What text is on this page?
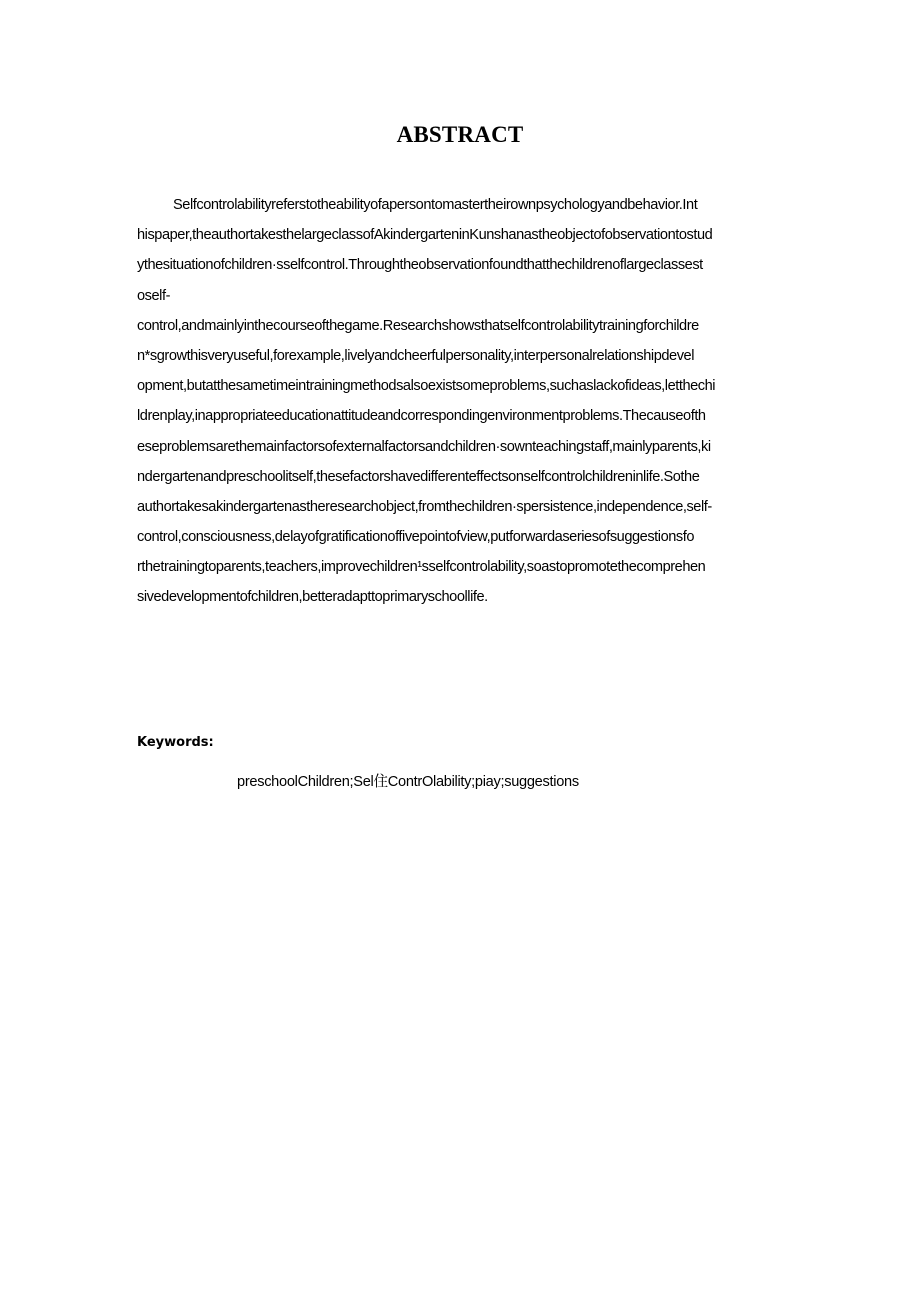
ABSTRACT
Selfcontrolabilityreferstotheabilityofapersontomastertheirownpsychologyandbehavior.Int
hispaper,theauthortakesthelargeclassofAkindergarteninKunshanastheobjectofobservationtostud
ythesituationofchildren·sselfcontrol.Throughtheobservationfoundthatthechildrenoflargeclassest
oself-
control,andmainlyinthecourseofthegame.Researchshowsthatselfcontrolabilitytrainingforchildre
n*sgrowthisveryuseful,forexample,livelyandcheerfulpersonality,interpersonalrelationshipdevel
opment,butatthesametimeintrainingmethodsalsoexistsomeproblems,suchaslackofideas,letthechi
ldrenplay,inappropriateeducationattitudeandcorrespondingenvironmentproblems.Thecauseofth
eseproblemsarethemainfactorsofexternalfactorsandchildren·sownteachingstaff,mainlyparents,ki
ndergartenandpreschoolitself,thesefactorshavedifferenteffectsonselfcontrolchildreninlife.Sothe
authortakesakindergartenastheresearchobject,fromthechildren·spersistence,independence,self-
control,consciousness,delayofgratificationoffivepointofview,putforwardaseriesofsuggestionsfo
rthetrainingtoparents,teachers,improvechildren¹sselfcontrolability,soastopromotethecomprehen
sivedevelopmentofchildren,betteradapttoprimaryschoollife.
Keywords:
preschoolChildren;Sel住ContrOlability;piay;suggestions
